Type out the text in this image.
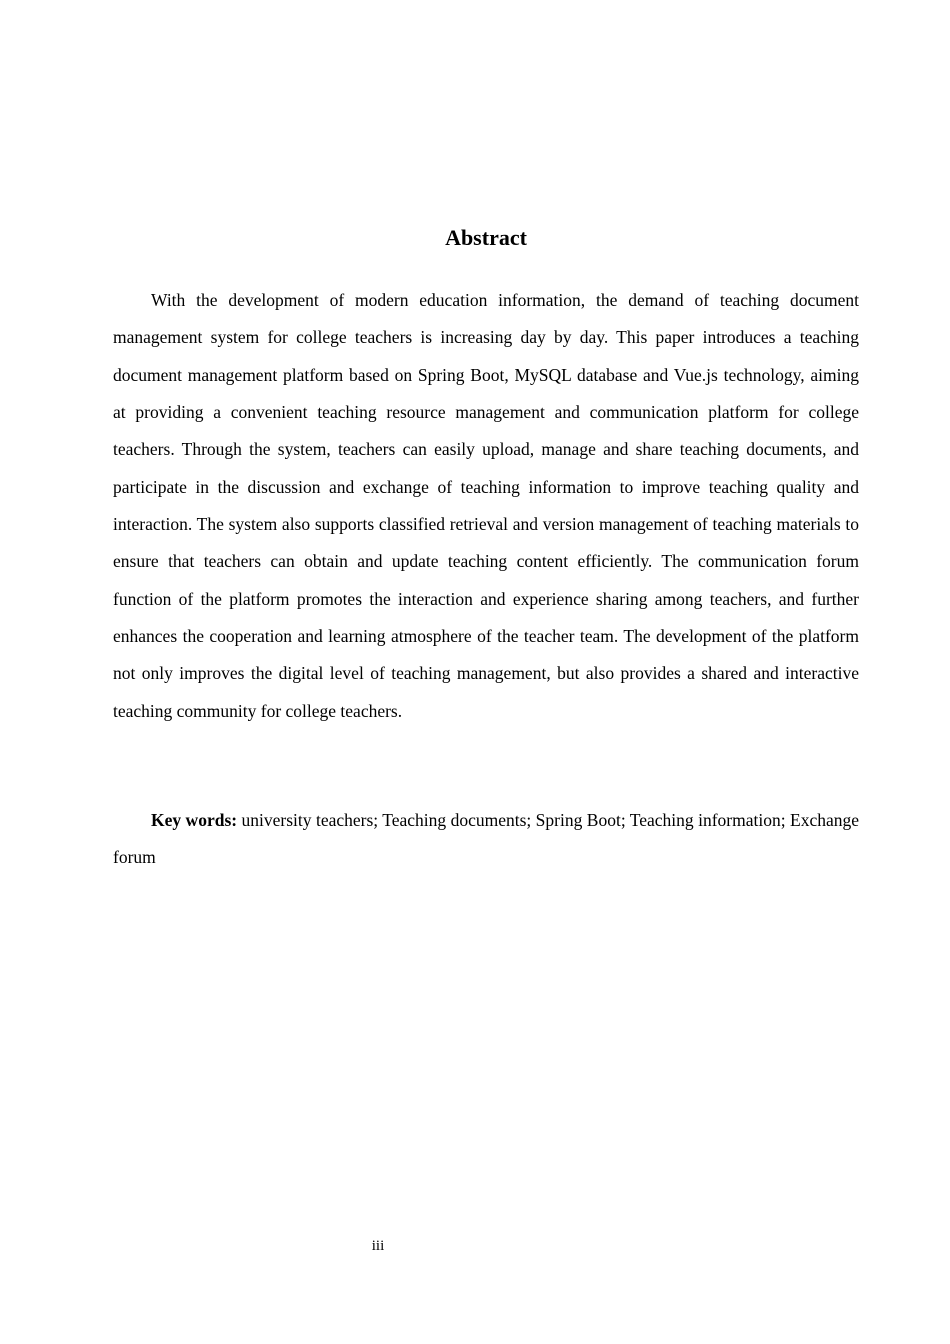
Abstract

With the development of modern education information, the demand of teaching document management system for college teachers is increasing day by day. This paper introduces a teaching document management platform based on Spring Boot, MySQL database and Vue.js technology, aiming at providing a convenient teaching resource management and communication platform for college teachers. Through the system, teachers can easily upload, manage and share teaching documents, and participate in the discussion and exchange of teaching information to improve teaching quality and interaction. The system also supports classified retrieval and version management of teaching materials to ensure that teachers can obtain and update teaching content efficiently. The communication forum function of the platform promotes the interaction and experience sharing among teachers, and further enhances the cooperation and learning atmosphere of the teacher team. The development of the platform not only improves the digital level of teaching management, but also provides a shared and interactive teaching community for college teachers.

Key words: university teachers; Teaching documents; Spring Boot; Teaching information; Exchange forum

iii
